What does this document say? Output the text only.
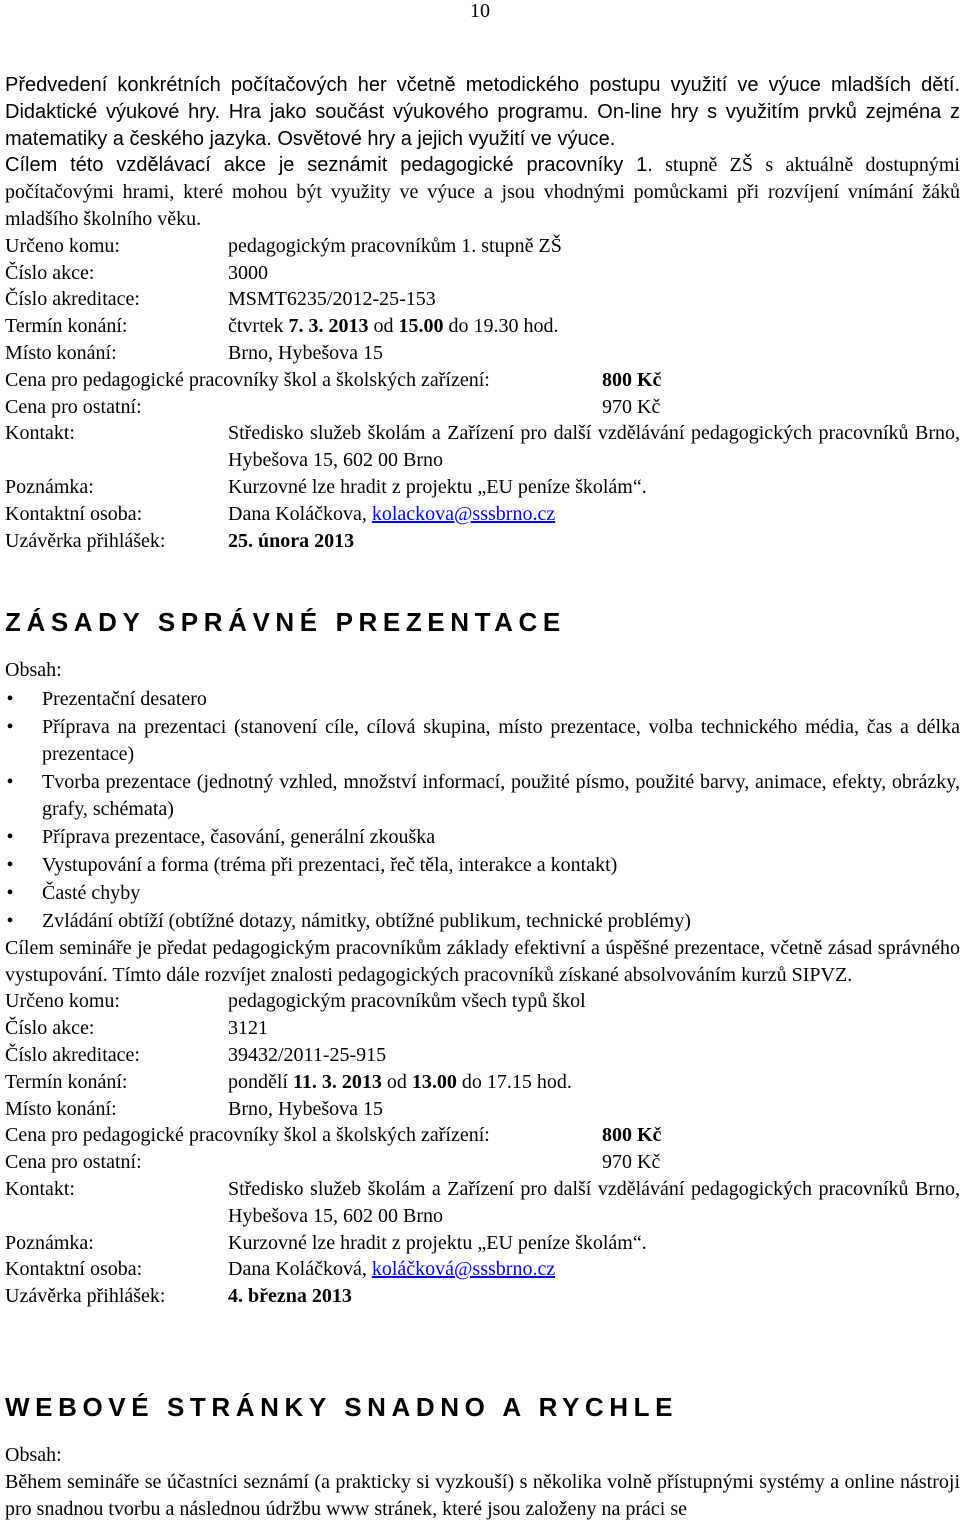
10

Předvedení konkrétních počítačových her včetně metodického postupu využití ve výuce mladších dětí. Didaktické výukové hry. Hra jako součást výukového programu. On-line hry s využitím prvků zejména z matematiky a českého jazyka. Osvětové hry a jejich využití ve výuce.

Cílem této vzdělávací akce je seznámit pedagogické pracovníky 1. stupně ZŠ s aktuálně dostupnými počítačovými hrami, které mohou být využity ve výuce a jsou vhodnými pomůckami při rozvíjení vnímání žáků mladšího školního věku.

Určeno komu:	pedagogickým pracovníkům 1. stupně ZŠ
Číslo akce:	3000
Číslo akreditace:	MSMT6235/2012-25-153
Termín konání:	čtvrtek 7. 3. 2013 od 15.00 do 19.30 hod.
Místo konání:	Brno, Hybešova 15
Cena pro pedagogické pracovníky škol a školských zařízení:	800 Kč
Cena pro ostatní:	970 Kč
Kontakt:	Středisko služeb školám a Zařízení pro další vzdělávání pedagogických pracovníků Brno, Hybešova 15, 602 00 Brno
Poznámka:	Kurzovné lze hradit z projektu „EU peníze školám“.
Kontaktní osoba:	Dana Koláčkova, kolackova@sssbrno.cz
Uzávěrka přihlášek:	25. února 2013
ZÁSADY SPRÁVNÉ PREZENTACE

Obsah:

• Prezentační desatero
• Příprava na prezentaci (stanovení cíle, cílová skupina, místo prezentace, volba technického média, čas a délka prezentace)
• Tvorba prezentace (jednotný vzhled, množství informací, použité písmo, použité barvy, animace, efekty, obrázky, grafy, schémata)
• Příprava prezentace, časování, generální zkouška
• Vystupování a forma (tréma při prezentaci, řeč těla, interakce a kontakt)
• Časté chyby
• Zvládání obtíží (obtížné dotazy, námitky, obtížné publikum, technické problémy)

Cílem semináře je předat pedagogickým pracovníkům základy efektivní a úspěšné prezentace, včetně zásad správného vystupování. Tímto dále rozvíjet znalosti pedagogických pracovníků získané absolvováním kurzů SIPVZ.

Určeno komu:	pedagogickým pracovníkům všech typů škol
Číslo akce:	3121
Číslo akreditace:	39432/2011-25-915
Termín konání:	pondělí 11. 3. 2013 od 13.00 do 17.15 hod.
Místo konání:	Brno, Hybešova 15
Cena pro pedagogické pracovníky škol a školských zařízení:	800 Kč
Cena pro ostatní:	970 Kč
Kontakt:	Středisko služeb školám a Zařízení pro další vzdělávání pedagogických pracovníků Brno, Hybešova 15, 602 00 Brno
Poznámka:	Kurzovné lze hradit z projektu „EU peníze školám“.
Kontaktní osoba:	Dana Koláčková, koláčková@sssbrno.cz
Uzávěrka přihlášek:	4. března 2013
WEBOVÉ STRÁNKY SNADNO A RYCHLE

Obsah:

Během semináře se účastníci seznámí (a prakticky si vyzkouší) s několika volně přístupnými systémy a online nástroji pro snadnou tvorbu a následnou údržbu www stránek, které jsou založeny na práci se
